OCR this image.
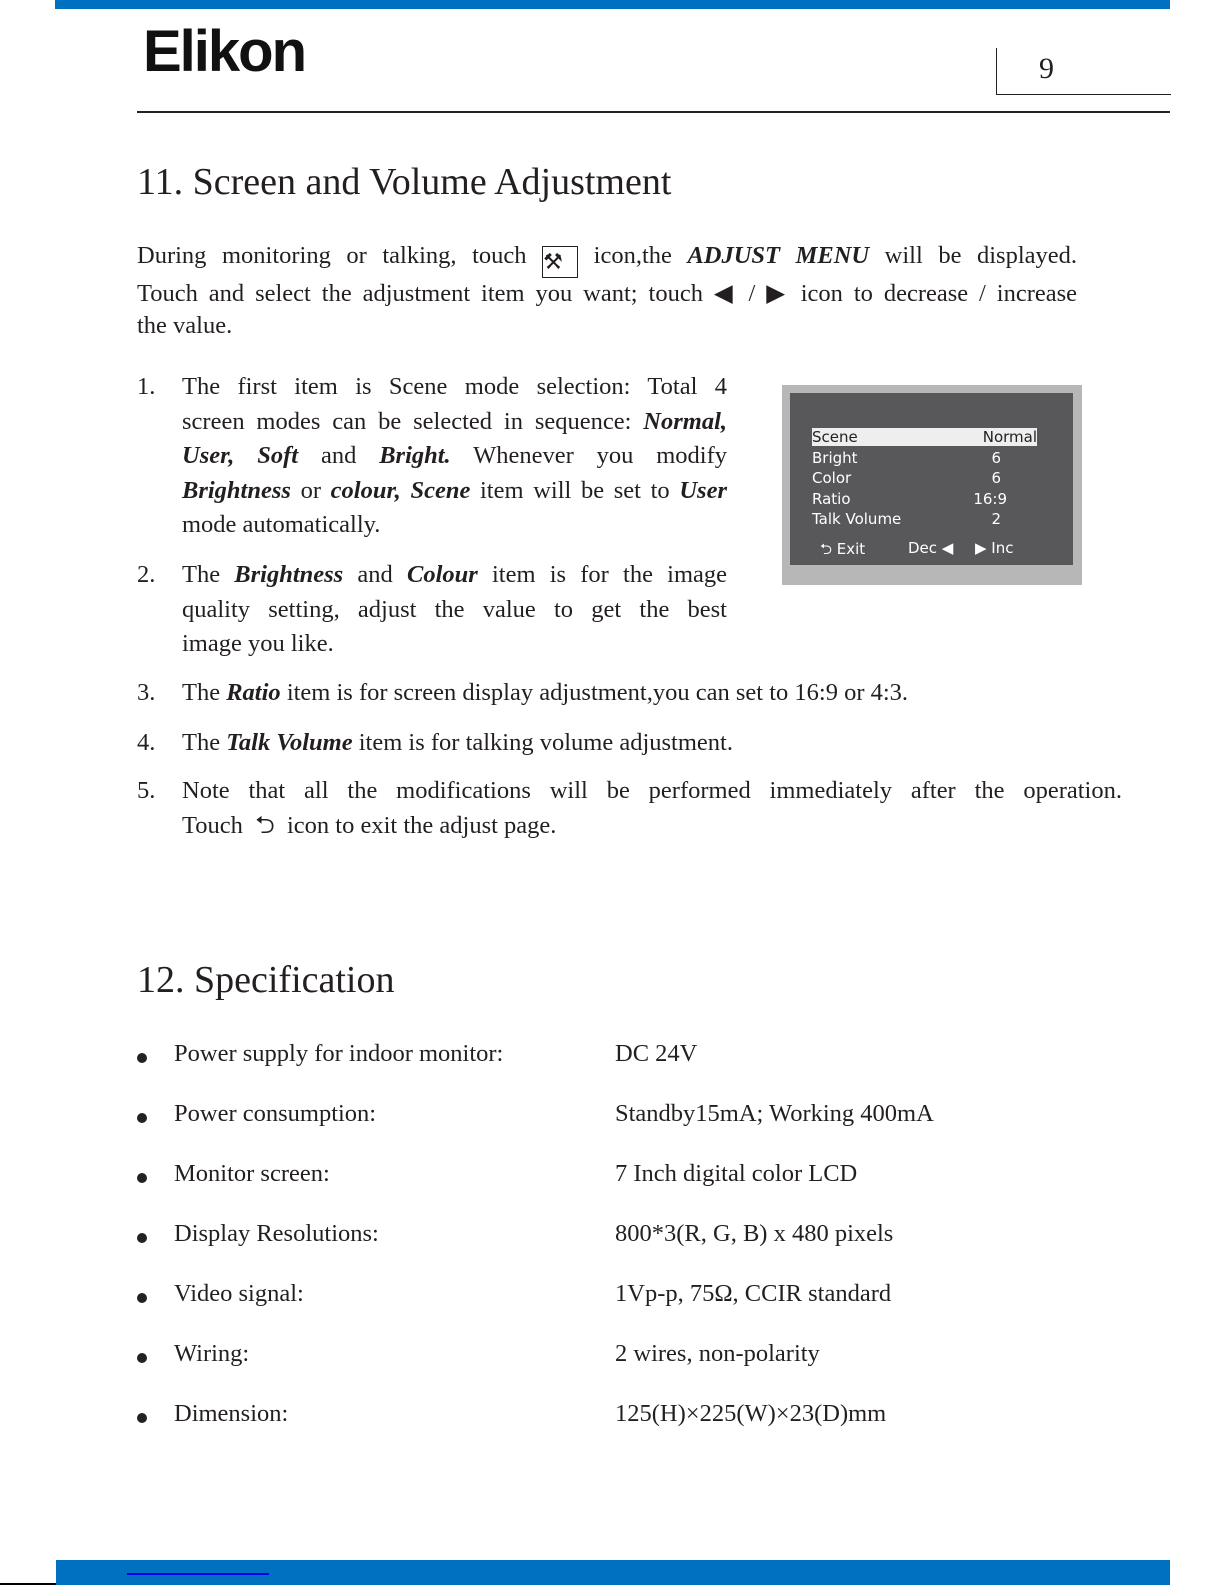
Elikon	9
11. Screen and Volume Adjustment
During monitoring or talking, touch ⚒ icon,the ADJUST MENU will be displayed.
Touch and select the adjustment item you want; touch ◀ / ▶ icon to decrease / increase
the value.
1. The first item is Scene mode selection: Total 4
screen modes can be selected in sequence: Normal,
User, Soft and Bright. Whenever you modify
Brightness or colour, Scene item will be set to User
mode automatically.
2. The Brightness and Colour item is for the image
quality setting, adjust the value to get the best
image you like.
3. The Ratio item is for screen display adjustment,you can set to 16:9 or 4:3.
4. The Talk Volume item is for talking volume adjustment.
5. Note that all the modifications will be performed immediately after the operation.
Touch  ⮌  icon to exit the adjust page.
Scene	Normal
Bright	6
Color	6
Ratio	16:9
Talk Volume	2
⮌ Exit	Dec ◀ ▶ Inc
12. Specification
Power supply for indoor monitor:	DC 24V
Power consumption:	Standby15mA; Working 400mA
Monitor screen:	7 Inch digital color LCD
Display Resolutions:	800*3(R, G, B) x 480 pixels
Video signal:	1Vp-p, 75Ω, CCIR standard
Wiring:	2 wires, non-polarity
Dimension:	125(H)×225(W)×23(D)mm
